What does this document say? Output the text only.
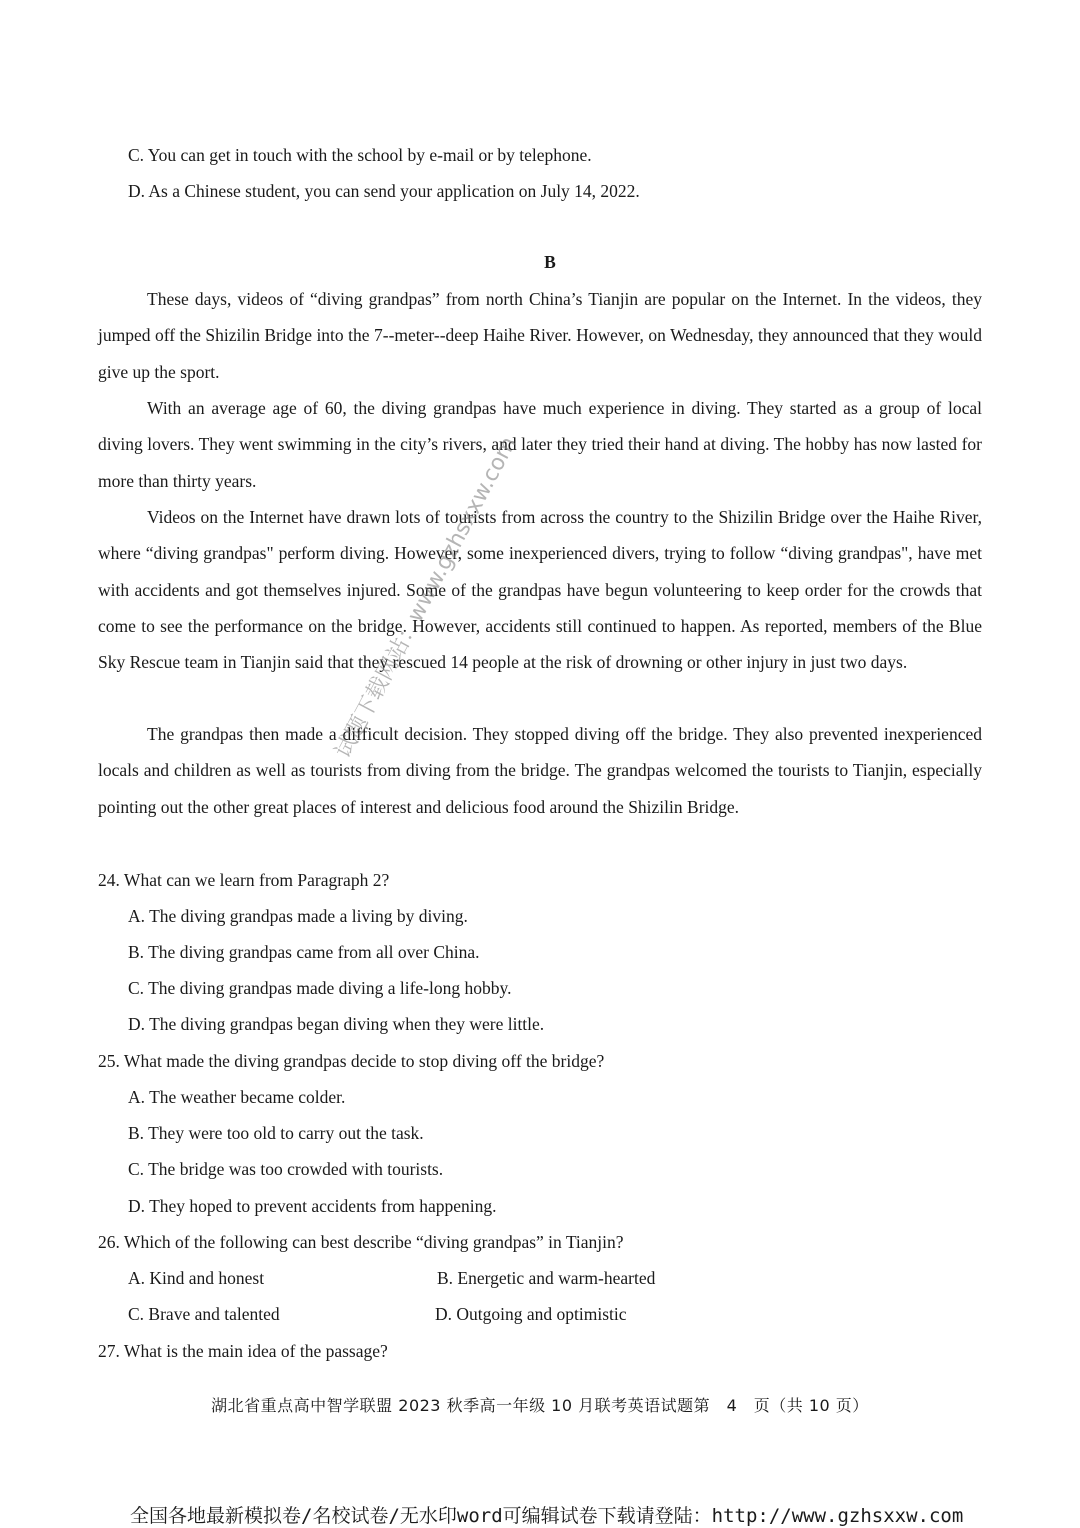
C. You can get in touch with the school by e-mail or by telephone.
D. As a Chinese student, you can send your application on July 14, 2022.
B

These days, videos of “diving grandpas” from north China’s Tianjin are popular on the Internet. In the videos, they jumped off the Shizilin Bridge into the 7--meter--deep Haihe River. However, on Wednesday, they announced that they would give up the sport.

With an average age of 60, the diving grandpas have much experience in diving. They started as a group of local diving lovers. They went swimming in the city’s rivers, and later they tried their hand at diving. The hobby has now lasted for more than thirty years.

Videos on the Internet have drawn lots of tourists from across the country to the Shizilin Bridge over the Haihe River, where “diving grandpas" perform diving. However, some inexperienced divers, trying to follow “diving grandpas", have met with accidents and got themselves injured. Some of the grandpas have begun volunteering to keep order for the crowds that come to see the performance on the bridge. However, accidents still continued to happen. As reported, members of the Blue Sky Rescue team in Tianjin said that they rescued 14 people at the risk of drowning or other injury in just two days.

The grandpas then made a difficult decision. They stopped diving off the bridge. They also prevented inexperienced locals and children as well as tourists from diving from the bridge. The grandpas welcomed the tourists to Tianjin, especially pointing out the other great places of interest and delicious food around the Shizilin Bridge.

24. What can we learn from Paragraph 2?
A. The diving grandpas made a living by diving.
B. The diving grandpas came from all over China.
C. The diving grandpas made diving a life-long hobby.
D. The diving grandpas began diving when they were little.
25. What made the diving grandpas decide to stop diving off the bridge?
A. The weather became colder.
B. They were too old to carry out the task.
C. The bridge was too crowded with tourists.
D. They hoped to prevent accidents from happening.
26. Which of the following can best describe “diving grandpas” in Tianjin?
A. Kind and honest	B. Energetic and warm-hearted
C. Brave and talented	D. Outgoing and optimistic
27. What is the main idea of the passage?
湖北省重点高中智学联盟 2023 秋季高一年级 10 月联考英语试题第　4　页（共 10 页）
试题下载网站：www.gzhsxxw.com
全国各地最新模拟卷/名校试卷/无水印word可编辑试卷下载请登陆：http://www.gzhsxxw.com
